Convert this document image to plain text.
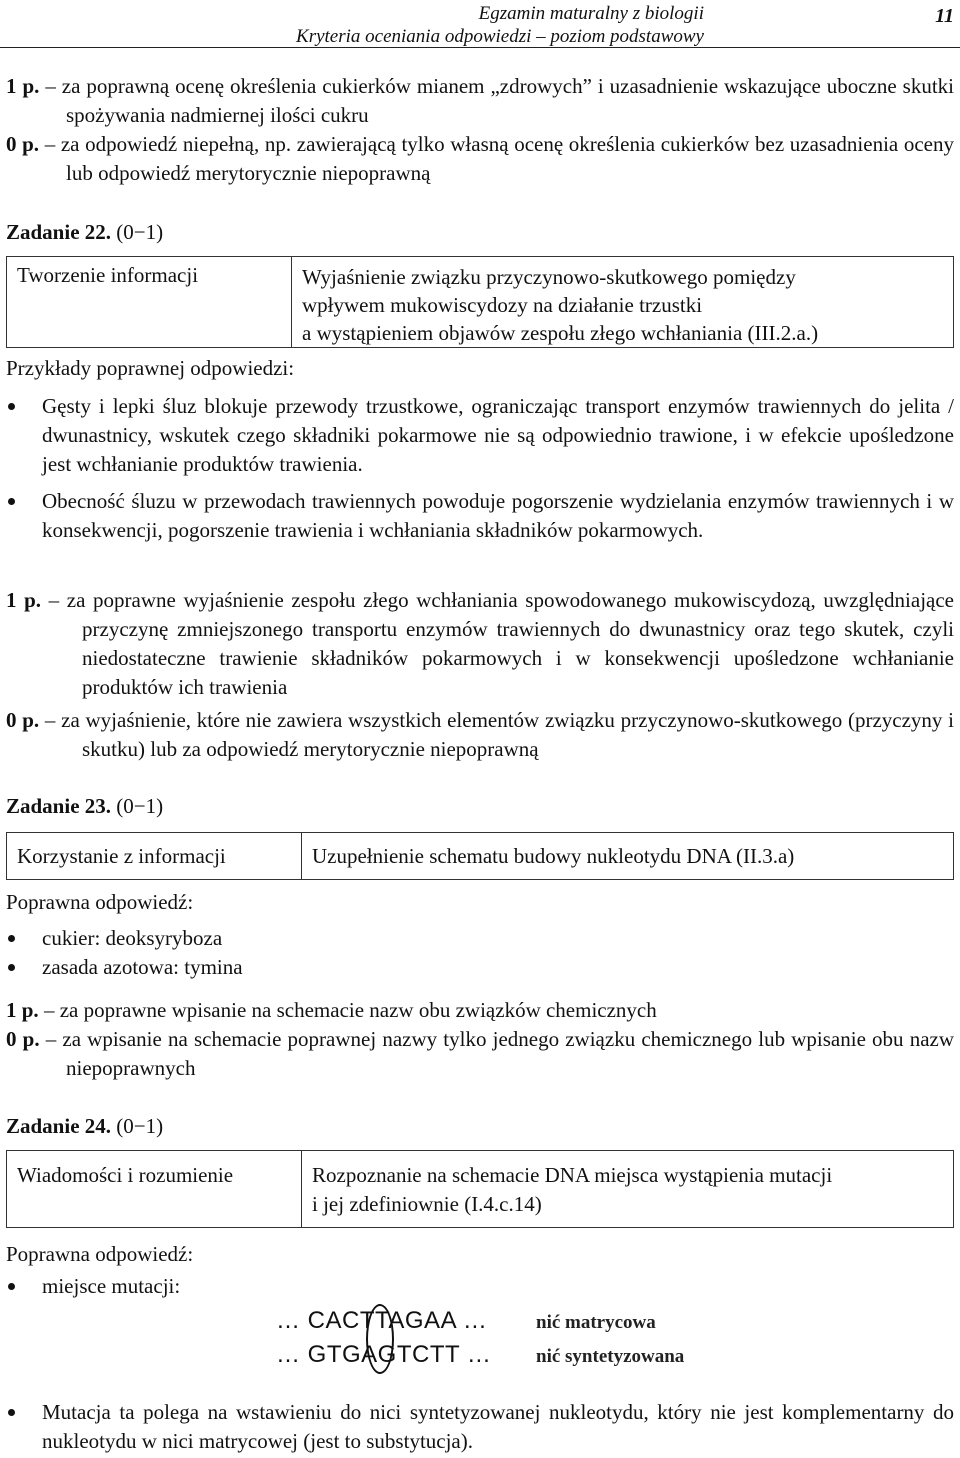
Egzamin maturalny z biologii
Kryteria oceniania odpowiedzi – poziom podstawowy
11
1 p. – za poprawną ocenę określenia cukierków mianem „zdrowych” i uzasadnienie wskazujące uboczne skutki spożywania nadmiernej ilości cukru
0 p. – za odpowiedź niepełną, np. zawierającą tylko własną ocenę określenia cukierków bez uzasadnienia oceny lub odpowiedź merytorycznie niepoprawną
Zadanie 22. (0−1)
Tworzenie informacji	Wyjaśnienie związku przyczynowo-skutkowego pomiędzy
wpływem mukowiscydozy na działanie trzustki
a wystąpieniem objawów zespołu złego wchłaniania (III.2.a.)
Przykłady poprawnej odpowiedzi:
Gęsty i lepki śluz blokuje przewody trzustkowe, ograniczając transport enzymów trawiennych do jelita / dwunastnicy, wskutek czego składniki pokarmowe nie są odpowiednio trawione, i w efekcie upośledzone jest wchłanianie produktów trawienia.
Obecność śluzu w przewodach trawiennych powoduje pogorszenie wydzielania enzymów trawiennych i w konsekwencji, pogorszenie trawienia i wchłaniania składników pokarmowych.
1 p. – za poprawne wyjaśnienie zespołu złego wchłaniania spowodowanego mukowiscydozą, uwzględniające przyczynę zmniejszonego transportu enzymów trawiennych do dwunastnicy oraz tego skutek, czyli niedostateczne trawienie składników pokarmowych i w konsekwencji upośledzone wchłanianie produktów ich trawienia
0 p. – za wyjaśnienie, które nie zawiera wszystkich elementów związku przyczynowo-skutkowego (przyczyny i skutku) lub za odpowiedź merytorycznie niepoprawną
Zadanie 23. (0−1)
Korzystanie z informacji	Uzupełnienie schematu budowy nukleotydu DNA (II.3.a)
Poprawna odpowiedź:
cukier: deoksyryboza
zasada azotowa: tymina
1 p. – za poprawne wpisanie na schemacie nazw obu związków chemicznych
0 p. – za wpisanie na schemacie poprawnej nazwy tylko jednego związku chemicznego lub wpisanie obu nazw niepoprawnych
Zadanie 24. (0−1)
Wiadomości i rozumienie	Rozpoznanie na schemacie DNA miejsca wystąpienia mutacji
i jej zdefiniownie (I.4.c.14)
Poprawna odpowiedź:
miejsce mutacji:
… CACTTAGAA …
… GTGAGTCTT …
nić matrycowa
nić syntetyzowana
Mutacja ta polega na wstawieniu do nici syntetyzowanej nukleotydu, który nie jest komplementarny do nukleotydu w nici matrycowej (jest to substytucja).
